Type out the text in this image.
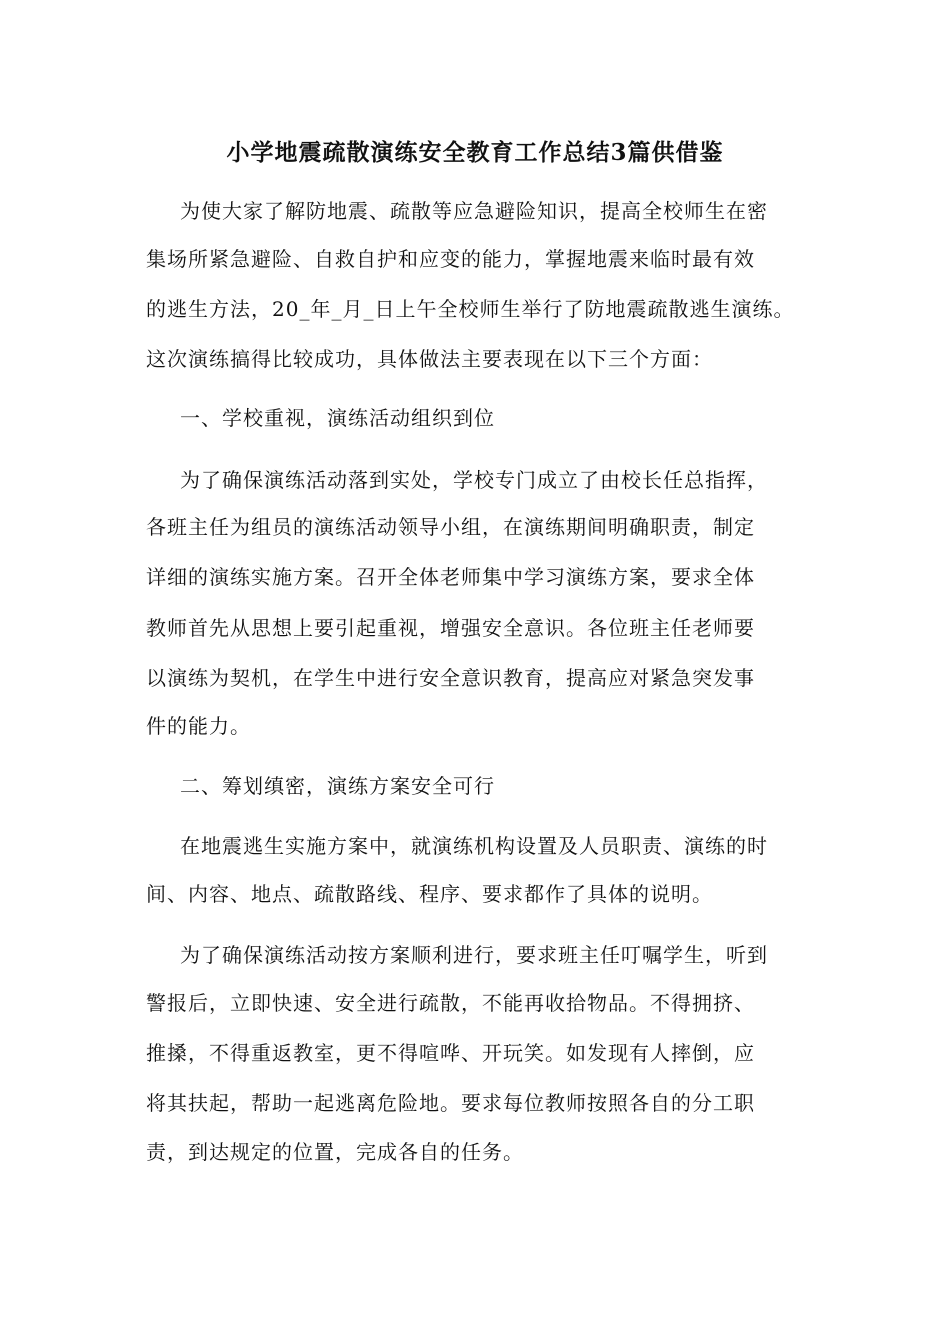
小学地震疏散演练安全教育工作总结3篇供借鉴
为使大家了解防地震、疏散等应急避险知识，提高全校师生在密
集场所紧急避险、自救自护和应变的能力，掌握地震来临时最有效
的逃生方法，20_年_月_日上午全校师生举行了防地震疏散逃生演练。
这次演练搞得比较成功，具体做法主要表现在以下三个方面：
一、学校重视，演练活动组织到位
为了确保演练活动落到实处，学校专门成立了由校长任总指挥，
各班主任为组员的演练活动领导小组，在演练期间明确职责，制定
详细的演练实施方案。召开全体老师集中学习演练方案，要求全体
教师首先从思想上要引起重视，增强安全意识。各位班主任老师要
以演练为契机，在学生中进行安全意识教育，提高应对紧急突发事
件的能力。
二、筹划缜密，演练方案安全可行
在地震逃生实施方案中，就演练机构设置及人员职责、演练的时
间、内容、地点、疏散路线、程序、要求都作了具体的说明。
为了确保演练活动按方案顺利进行，要求班主任叮嘱学生，听到
警报后，立即快速、安全进行疏散，不能再收拾物品。不得拥挤、
推搡，不得重返教室，更不得喧哗、开玩笑。如发现有人摔倒，应
将其扶起，帮助一起逃离危险地。要求每位教师按照各自的分工职
责，到达规定的位置，完成各自的任务。
